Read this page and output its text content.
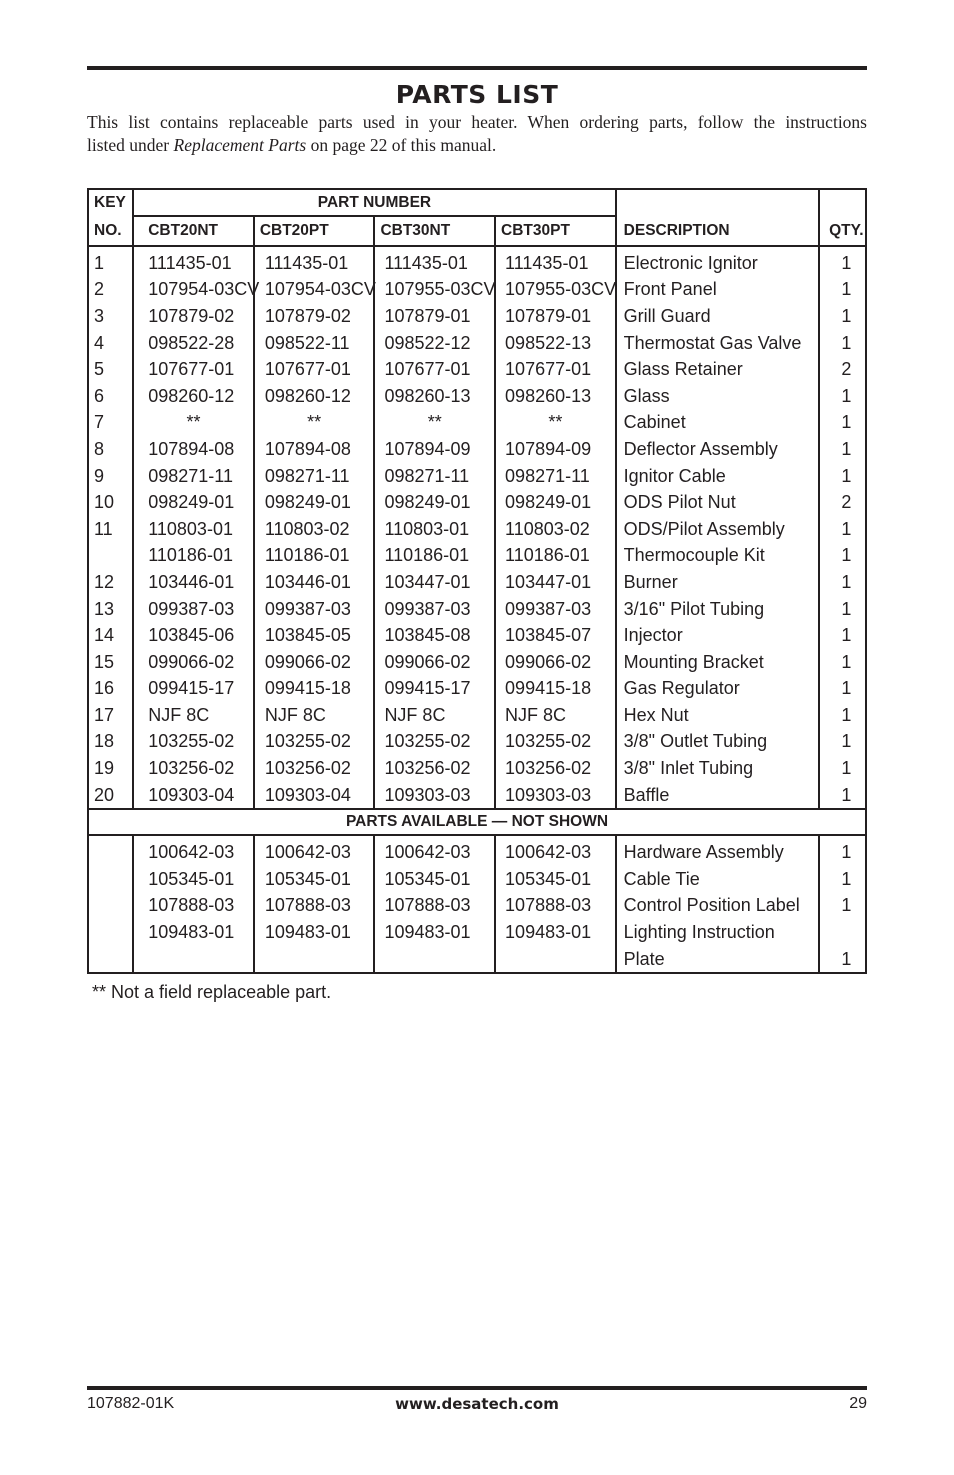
PARTS LIST
This list contains replaceable parts used in your heater. When ordering parts, follow the instructions
listed under Replacement Parts on page 22 of this manual.
KEY	PART NUMBER					
NO.	CBT20NT	CBT20PT	CBT30NT	CBT30PT	DESCRIPTION	QTY.
1	111435-01	111435-01	111435-01	111435-01	Electronic Ignitor	1
2	107954-03CV	107954-03CV	107955-03CV	107955-03CV	Front Panel	1
3	107879-02	107879-02	107879-01	107879-01	Grill Guard	1
4	098522-28	098522-11	098522-12	098522-13	Thermostat Gas Valve	1
5	107677-01	107677-01	107677-01	107677-01	Glass Retainer	2
6	098260-12	098260-12	098260-13	098260-13	Glass	1
7	**	**	**	**	Cabinet	1
8	107894-08	107894-08	107894-09	107894-09	Deflector Assembly	1
9	098271-11	098271-11	098271-11	098271-11	Ignitor Cable	1
10	098249-01	098249-01	098249-01	098249-01	ODS Pilot Nut	2
11	110803-01	110803-02	110803-01	110803-02	ODS/Pilot Assembly	1
	110186-01	110186-01	110186-01	110186-01	Thermocouple Kit	1
12	103446-01	103446-01	103447-01	103447-01	Burner	1
13	099387-03	099387-03	099387-03	099387-03	3/16" Pilot Tubing	1
14	103845-06	103845-05	103845-08	103845-07	Injector	1
15	099066-02	099066-02	099066-02	099066-02	Mounting Bracket	1
16	099415-17	099415-18	099415-17	099415-18	Gas Regulator	1
17	NJF 8C	NJF 8C	NJF 8C	NJF 8C	Hex Nut	1
18	103255-02	103255-02	103255-02	103255-02	3/8" Outlet Tubing	1
19	103256-02	103256-02	103256-02	103256-02	3/8" Inlet Tubing	1
20	109303-04	109303-04	109303-03	109303-03	Baffle	1
PARTS AVAILABLE — NOT SHOWN						
	100642-03	100642-03	100642-03	100642-03	Hardware Assembly	1
	105345-01	105345-01	105345-01	105345-01	Cable Tie	1
	107888-03	107888-03	107888-03	107888-03	Control Position Label	1
	109483-01	109483-01	109483-01	109483-01	Lighting Instruction	
					Plate	1
** Not a field replaceable part.
107882-01K	www.desatech.com	29
